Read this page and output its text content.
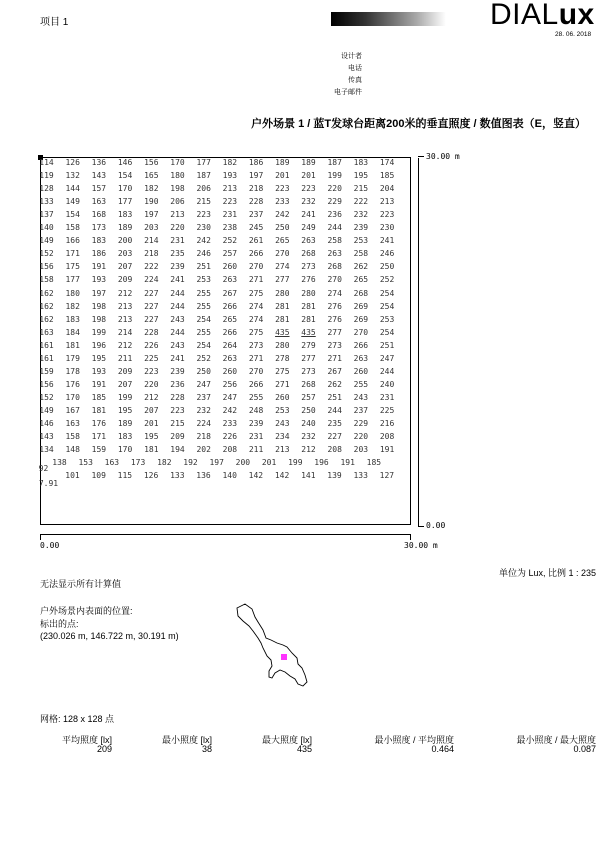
项目 1	DIALux
28. 06. 2018
设计者
电话
传真
电子邮件
户外场景 1 / 蓝T发球台距离200米的垂直照度 / 数值图表（E，竖直）
114	126	136	146	156	170	177	182	186	189	189	187	183	174
119	132	143	154	165	180	187	193	197	201	201	199	195	185
128	144	157	170	182	198	206	213	218	223	223	220	215	204
133	149	163	177	190	206	215	223	228	233	232	229	222	213
137	154	168	183	197	213	223	231	237	242	241	236	232	223
140	158	173	189	203	220	230	238	245	250	249	244	239	230
149	166	183	200	214	231	242	252	261	265	263	258	253	241
152	171	186	203	218	235	246	257	266	270	268	263	258	246
156	175	191	207	222	239	251	260	270	274	273	268	262	250
158	177	193	209	224	241	253	263	271	277	276	270	265	252
162	180	197	212	227	244	255	267	275	280	280	274	268	254
162	182	198	213	227	244	255	266	274	281	281	276	269	254
162	183	198	213	227	243	254	265	274	281	281	276	269	253
163	184	199	214	228	244	255	266	275	435	435	277	270	254
161	181	196	212	226	243	254	264	273	280	279	273	266	251
161	179	195	211	225	241	252	263	271	278	277	271	263	247
159	178	193	209	223	239	250	260	270	275	273	267	260	244
156	176	191	207	220	236	247	256	266	271	268	262	255	240
152	170	185	199	212	228	237	247	255	260	257	251	243	231
149	167	181	195	207	223	232	242	248	253	250	244	237	225
146	163	176	189	201	215	224	233	239	243	240	235	229	216
143	158	171	183	195	209	218	226	231	234	232	227	220	208
134	148	159	170	181	194	202	208	211	213	212	208	203	191
92
138	153	163	173	182	192	197	200	201	199	196	191	185
7.91
101	109	115	126	133	136	140	142	142	141	139	133	127
30.00 m
0.00
0.00	30.00 m
单位为 Lux, 比例 1 : 235
无法显示所有计算值
户外场景内表面的位置:
标出的点:
(230.026 m, 146.722 m, 30.191 m)
网格: 128 x 128 点
平均照度 [lx]
209
最小照度 [lx]
38
最大照度 [lx]
435
最小照度 / 平均照度
0.464
最小照度 / 最大照度
0.087
